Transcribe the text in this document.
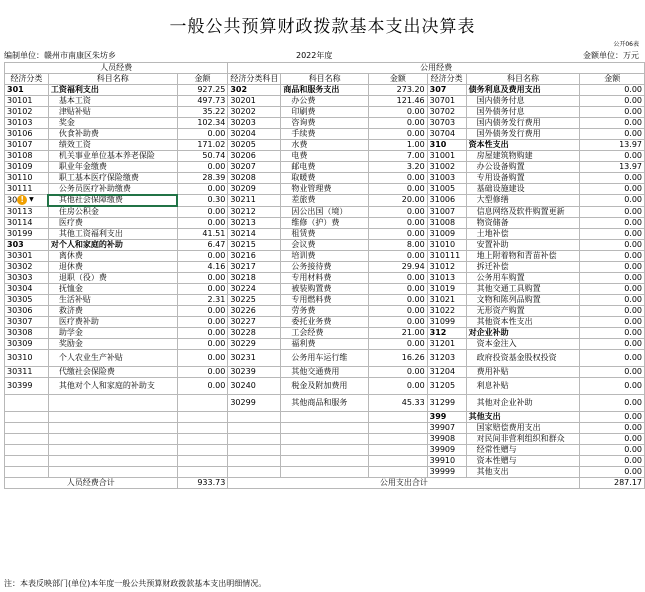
一般公共预算财政拨款基本支出决算表
公开06表
编制单位：赣州市南康区朱坊乡	2022年度	金额单位：万元
人员经费			公用经费					
经济分类	科目名称	金额	经济分类科目	科目名称	金额	经济分类	科目名称	金额
301	工资福利支出	927.25	302	商品和服务支出	273.20	307	债务利息及费用支出	0.00
30101	基本工资	497.73	30201	办公费	121.46	30701	国内债务付息	0.00
30102	津贴补贴	35.22	30202	印刷费	0.00	30702	国外债务付息	0.00
30103	奖金	102.34	30203	咨询费	0.00	30703	国内债务发行费用	0.00
30106	伙食补助费	0.00	30204	手续费	0.00	30704	国外债务发行费用	0.00
30107	绩效工资	171.02	30205	水费	1.00	310	资本性支出	13.97
30108	机关事业单位基本养老保险	50.74	30206	电费	7.00	31001	房屋建筑物购建	0.00
30109	职业年金缴费	0.00	30207	邮电费	3.20	31002	办公设备购置	13.97
30110	职工基本医疗保险缴费	28.39	30208	取暖费	0.00	31003	专用设备购置	0.00
30111	公务员医疗补助缴费	0.00	30209	物业管理费	0.00	31005	基础设施建设	0.00
30 ! ▼	其他社会保障缴费	0.30	30211	差旅费	20.00	31006	大型修缮	0.00
30113	住房公积金	0.00	30212	因公出国（境）	0.00	31007	信息网络及软件购置更新	0.00
30114	医疗费	0.00	30213	维修（护）费	0.00	31008	物资储备	0.00
30199	其他工资福利支出	41.51	30214	租赁费	0.00	31009	土地补偿	0.00
303	对个人和家庭的补助	6.47	30215	会议费	8.00	31010	安置补助	0.00
30301	离休费	0.00	30216	培训费	0.00	310111	地上附着物和青苗补偿	0.00
30302	退休费	4.16	30217	公务接待费	29.94	31012	拆迁补偿	0.00
30303	退职（役）费	0.00	30218	专用材料费	0.00	31013	公务用车购置	0.00
30304	抚恤金	0.00	30224	被装购置费	0.00	31019	其他交通工具购置	0.00
30305	生活补贴	2.31	30225	专用燃料费	0.00	31021	文物和陈列品购置	0.00
30306	救济费	0.00	30226	劳务费	0.00	31022	无形资产购置	0.00
30307	医疗费补助	0.00	30227	委托业务费	0.00	31099	其他资本性支出	0.00
30308	助学金	0.00	30228	工会经费	21.00	312	对企业补助	0.00
30309	奖励金	0.00	30229	福利费	0.00	31201	资本金注入	0.00
30310	个人农业生产补贴	0.00	30231	公务用车运行维	16.26	31203	政府投资基金股权投资	0.00
30311	代缴社会保险费	0.00	30239	其他交通费用	0.00	31204	费用补贴	0.00
30399	其他对个人和家庭的补助支	0.00	30240	税金及附加费用	0.00	31205	利息补贴	0.00
			30299	其他商品和服务	45.33	31299	其他对企业补助	0.00
						399	其他支出	0.00
						39907	国家赔偿费用支出	0.00
						39908	对民间非营利组织和群众	0.00
						39909	经常性赠与	0.00
						39910	资本性赠与	0.00
						39999	其他支出	0.00
人员经费合计		933.73	公用支出合计					287.17
注：本表反映部门(单位)本年度一般公共预算财政拨款基本支出明细情况。
